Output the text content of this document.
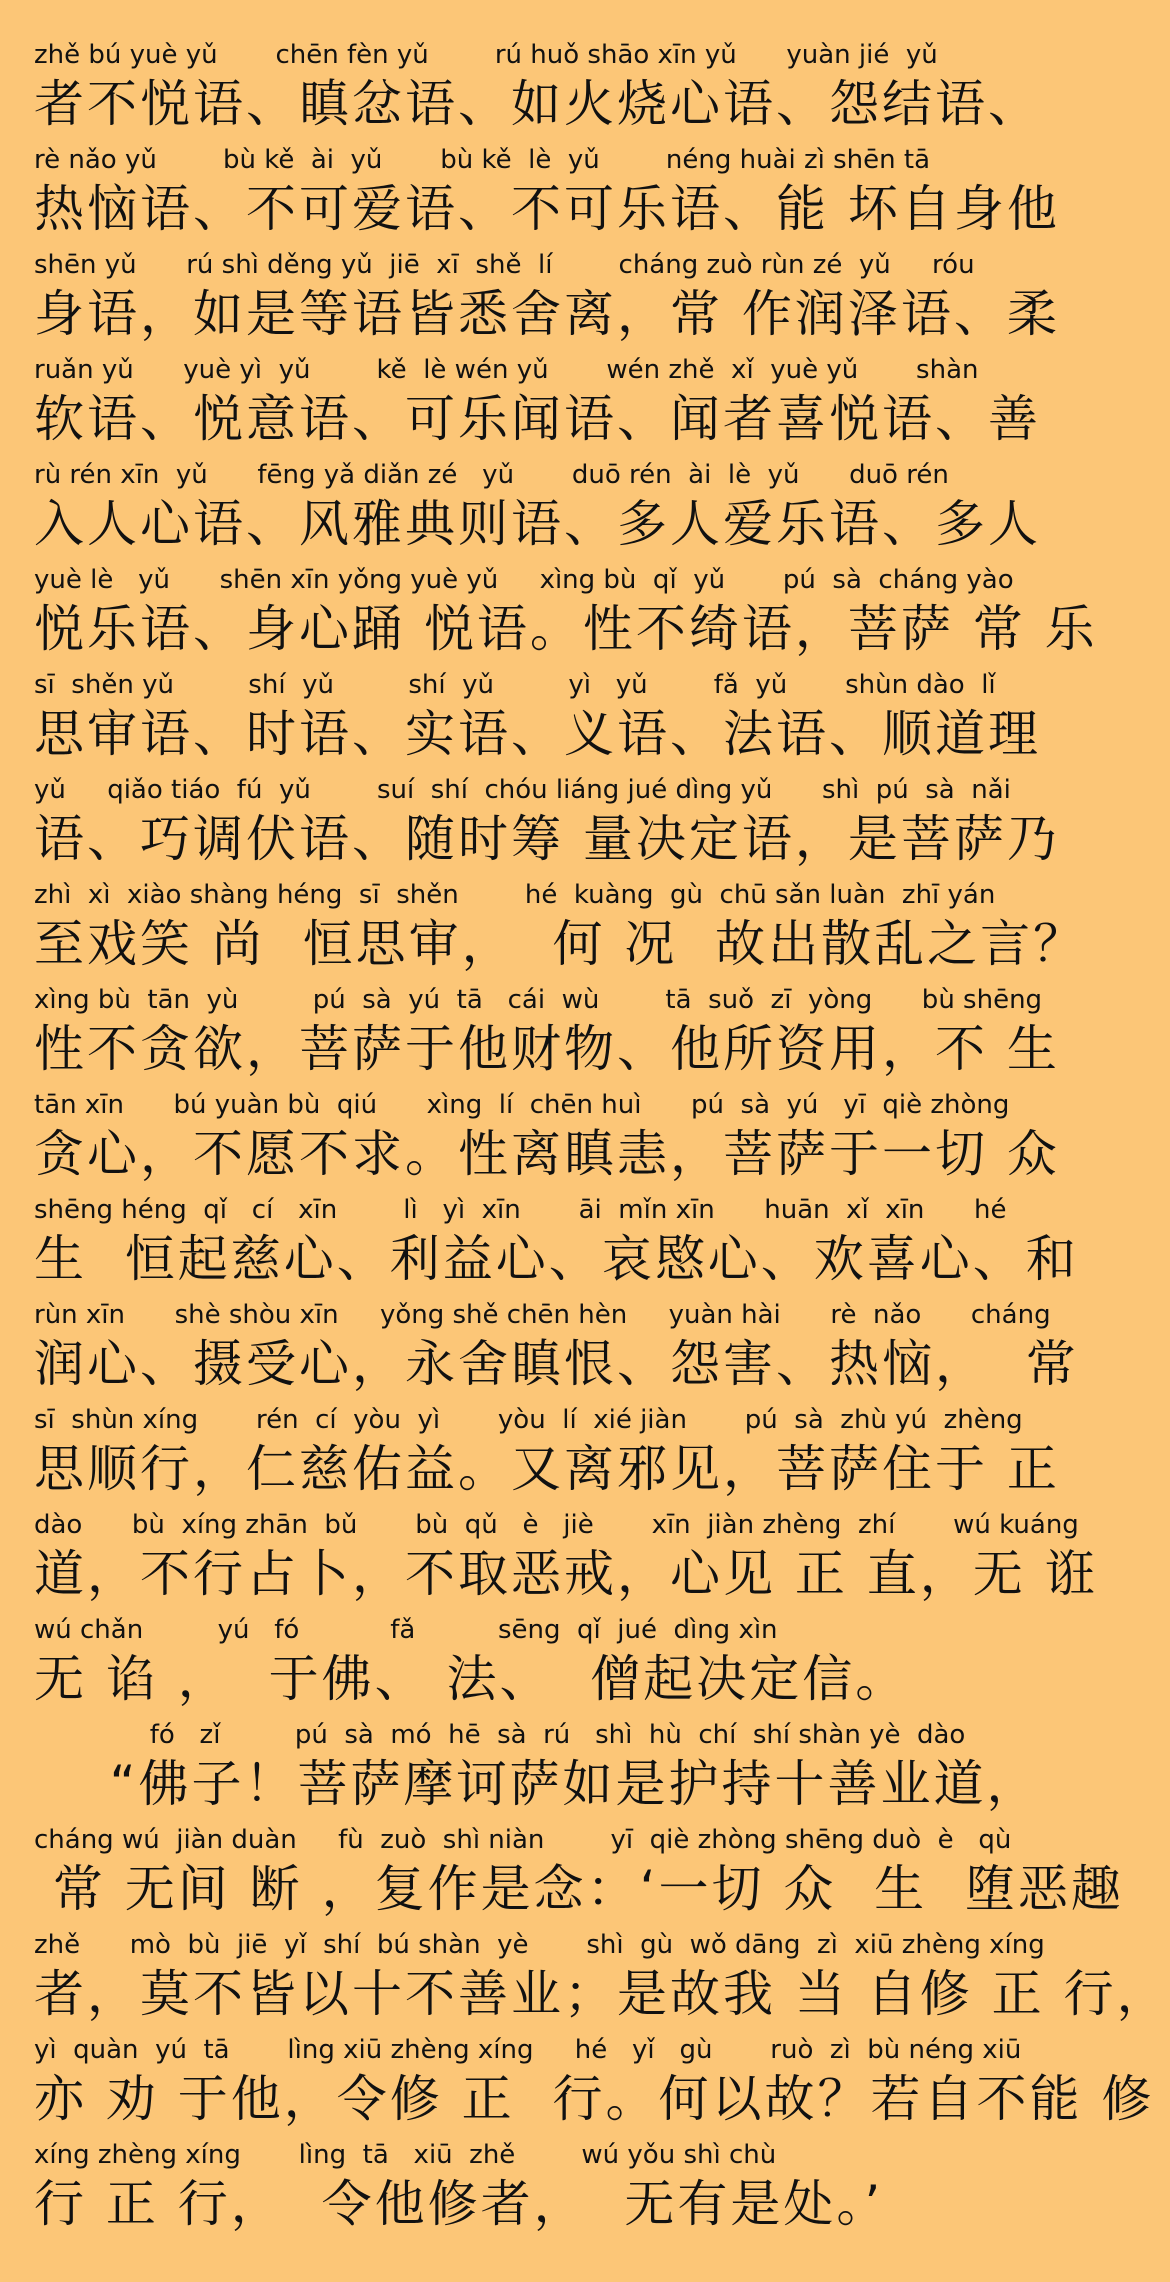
zhě bú yuè yǔ       chēn fèn yǔ        rú huǒ shāo xīn yǔ      yuàn jié  yǔ
者不悦语、瞋忿语、如火烧心语、怨结语、
rè nǎo yǔ        bù kě  ài  yǔ       bù kě  lè  yǔ        néng huài zì shēn tā
热恼语、不可爱语、不可乐语、能 坏自身他
shēn yǔ      rú shì děng yǔ  jiē  xī  shě  lí        cháng zuò rùn zé  yǔ     róu
身语，如是等语皆悉舍离，常 作润泽语、柔
ruǎn yǔ      yuè yì  yǔ        kě  lè wén yǔ       wén zhě  xǐ  yuè yǔ       shàn
软语、悦意语、可乐闻语、闻者喜悦语、善
rù rén xīn  yǔ      fēng yǎ diǎn zé   yǔ       duō rén  ài  lè  yǔ      duō rén
入人心语、风雅典则语、多人爱乐语、多人
yuè lè   yǔ      shēn xīn yǒng yuè yǔ     xìng bù  qǐ  yǔ       pú  sà  cháng yào
悦乐语、身心踊 悦语。性不绮语，菩萨 常 乐
sī  shěn yǔ         shí  yǔ         shí  yǔ         yì   yǔ        fǎ  yǔ       shùn dào  lǐ
思审语、时语、实语、义语、法语、顺道理
yǔ     qiǎo tiáo  fú  yǔ        suí  shí  chóu liáng jué dìng yǔ      shì  pú  sà  nǎi
语、巧调伏语、随时筹 量决定语，是菩萨乃
zhì  xì  xiào shàng héng  sī  shěn        hé  kuàng  gù  chū sǎn luàn  zhī yán
至戏笑 尚  恒思审，  何 况  故出散乱之言？
xìng bù  tān  yù         pú  sà  yú  tā   cái  wù        tā  suǒ  zī  yòng      bù shēng
性不贪欲，菩萨于他财物、他所资用，不 生
tān xīn      bú yuàn bù  qiú      xìng  lí  chēn huì      pú  sà  yú   yī  qiè zhòng
贪心，不愿不求。性离瞋恚，菩萨于一切 众
shēng héng  qǐ   cí   xīn        lì   yì  xīn       āi  mǐn xīn      huān  xǐ  xīn      hé
生  恒起慈心、利益心、哀愍心、欢喜心、和
rùn xīn      shè shòu xīn     yǒng shě chēn hèn     yuàn hài      rè  nǎo      cháng
润心、摄受心，永舍瞋恨、怨害、热恼，  常
sī  shùn xíng       rén  cí  yòu  yì       yòu  lí  xié jiàn       pú  sà  zhù yú  zhèng
思顺行，仁慈佑益。又离邪见，菩萨住于 正
dào      bù  xíng zhān  bǔ       bù  qǔ   è   jiè       xīn  jiàn zhèng  zhí       wú kuáng
道，不行占卜，不取恶戒，心见 正 直，无 诳
wú chǎn         yú   fó           fǎ          sēng  qǐ  jué  dìng xìn
无 谄 ，  于佛、 法、  僧起决定信。
fó   zǐ         pú  sà  mó  hē  sà  rú   shì  hù  chí  shí shàn yè  dào
“佛子！菩萨摩诃萨如是护持十善业道，
cháng wú  jiàn duàn     fù  zuò  shì niàn        yī  qiè zhòng shēng duò  è   qù
常 无间 断 ，复作是念：‘一切 众  生  堕恶趣
zhě      mò  bù  jiē  yǐ  shí  bú shàn  yè       shì  gù  wǒ dāng  zì  xiū zhèng xíng
者，莫不皆以十不善业；是故我 当 自修 正 行，
yì  quàn  yú  tā       lìng xiū zhèng xíng     hé   yǐ   gù       ruò  zì  bù néng xiū
亦 劝 于他，令修 正  行。何以故？若自不能 修
xíng zhèng xíng       lìng  tā   xiū  zhě        wú yǒu shì chù
行 正 行，  令他修者，  无有是处。’
